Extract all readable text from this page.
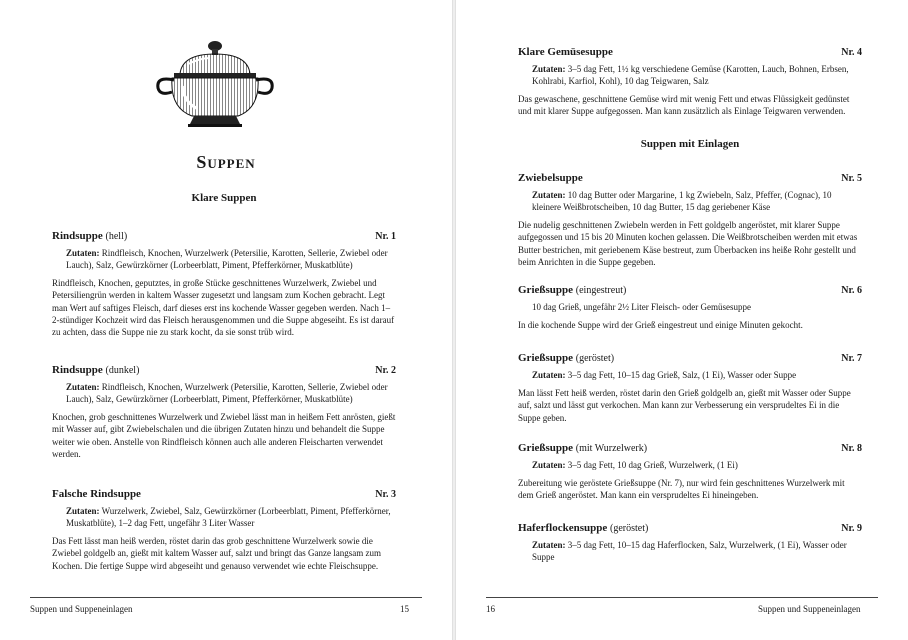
Suppen

Klare Suppen

Rindsuppe (hell)	Nr. 1

Zutaten: Rindfleisch, Knochen, Wurzelwerk (Petersilie, Karotten, Sellerie, Zwiebel oder Lauch), Salz, Gewürzkörner (Lorbeerblatt, Piment, Pfefferkörner, Muskatblüte)

Rindfleisch, Knochen, geputztes, in große Stücke geschnittenes Wurzelwerk, Zwiebel und Petersiliengrün werden in kaltem Wasser zugesetzt und langsam zum Kochen gebracht. Legt man Wert auf saftiges Fleisch, darf dieses erst ins kochende Wasser gegeben werden. Nach 1–2-stündiger Kochzeit wird das Fleisch herausgenommen und die Suppe abgeseiht. Es ist darauf zu achten, dass die Suppe nie zu stark kocht, da sie sonst trüb wird.

Rindsuppe (dunkel)	Nr. 2

Zutaten: Rindfleisch, Knochen, Wurzelwerk (Petersilie, Karotten, Sellerie, Zwiebel oder Lauch), Salz, Gewürzkörner (Lorbeerblatt, Piment, Pfefferkörner, Muskatblüte)

Knochen, grob geschnittenes Wurzelwerk und Zwiebel lässt man in heißem Fett anrösten, gießt mit Wasser auf, gibt Zwiebelschalen und die übrigen Zutaten hinzu und behandelt die Suppe weiter wie oben. Anstelle von Rindfleisch können auch alle anderen Fleischarten verwendet werden.

Falsche Rindsuppe	Nr. 3

Zutaten: Wurzelwerk, Zwiebel, Salz, Gewürzkörner (Lorbeerblatt, Piment, Pfefferkörner, Muskatblüte), 1–2 dag Fett, ungefähr 3 Liter Wasser

Das Fett lässt man heiß werden, röstet darin das grob geschnittene Wurzelwerk sowie die Zwiebel goldgelb an, gießt mit kaltem Wasser auf, salzt und bringt das Ganze langsam zum Kochen. Die fertige Suppe wird abgeseiht und genauso verwendet wie echte Fleischsuppe.

Suppen und Suppeneinlagen	15
Klare Gemüsesuppe	Nr. 4

Zutaten: 3–5 dag Fett, 1½ kg verschiedene Gemüse (Karotten, Lauch, Bohnen, Erbsen, Kohlrabi, Karfiol, Kohl), 10 dag Teigwaren, Salz

Das gewaschene, geschnittene Gemüse wird mit wenig Fett und etwas Flüssigkeit gedünstet und mit klarer Suppe aufgegossen. Man kann zusätzlich als Einlage Teigwaren verwenden.

Suppen mit Einlagen

Zwiebelsuppe	Nr. 5

Zutaten: 10 dag Butter oder Margarine, 1 kg Zwiebeln, Salz, Pfeffer, (Cognac), 10 kleinere Weißbrotscheiben, 10 dag Butter, 15 dag geriebener Käse

Die nudelig geschnittenen Zwiebeln werden in Fett goldgelb angeröstet, mit klarer Suppe aufgegossen und 15 bis 20 Minuten kochen gelassen. Die Weißbrotscheiben werden mit etwas Butter bestrichen, mit geriebenem Käse bestreut, zum Überbacken ins heiße Rohr gestellt und beim Anrichten in die Suppe gegeben.

Grießsuppe (eingestreut)	Nr. 6

10 dag Grieß, ungefähr 2½ Liter Fleisch- oder Gemüsesuppe

In die kochende Suppe wird der Grieß eingestreut und einige Minuten gekocht.

Grießsuppe (geröstet)	Nr. 7

Zutaten: 3–5 dag Fett, 10–15 dag Grieß, Salz, (1 Ei), Wasser oder Suppe

Man lässt Fett heiß werden, röstet darin den Grieß goldgelb an, gießt mit Wasser oder Suppe auf, salzt und lässt gut verkochen. Man kann zur Verbesserung ein versprudeltes Ei in die Suppe geben.

Grießsuppe (mit Wurzelwerk)	Nr. 8

Zutaten: 3–5 dag Fett, 10 dag Grieß, Wurzelwerk, (1 Ei)

Zubereitung wie geröstete Grießsuppe (Nr. 7), nur wird fein geschnittenes Wurzelwerk mit dem Grieß angeröstet. Man kann ein versprudeltes Ei hineingeben.

Haferflockensuppe (geröstet)	Nr. 9

Zutaten: 3–5 dag Fett, 10–15 dag Haferflocken, Salz, Wurzelwerk, (1 Ei), Wasser oder Suppe

16	Suppen und Suppeneinlagen
